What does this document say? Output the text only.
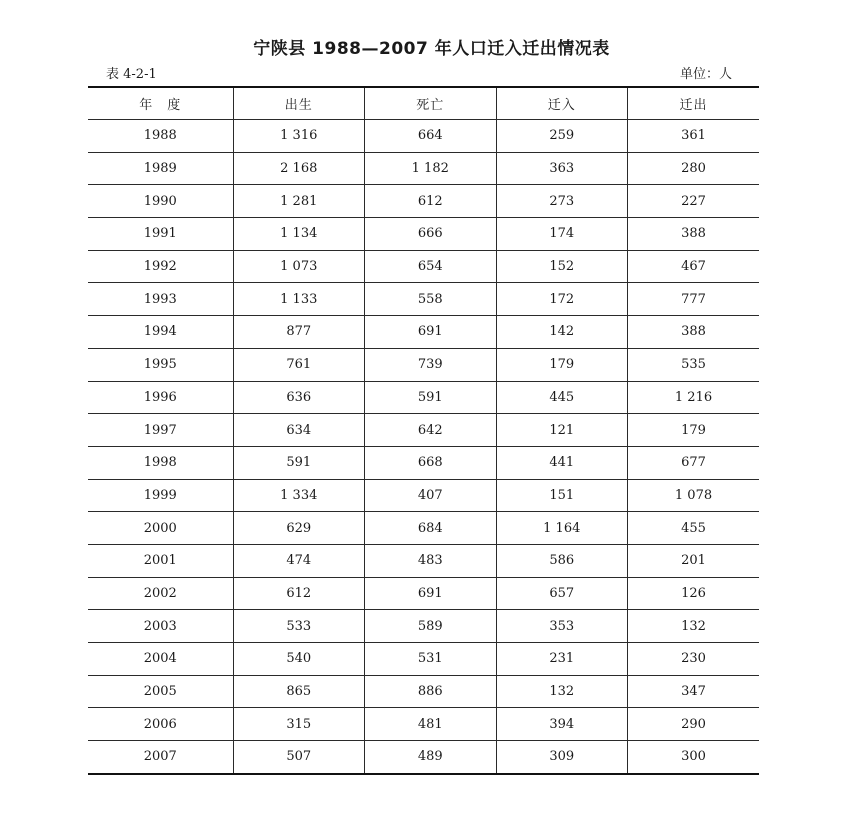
宁陕县 1988—2007 年人口迁入迁出情况表
表 4-2-1	单位：人
年　度	出生	死亡	迁入	迁出
1988	1 316	664	259	361
1989	2 168	1 182	363	280
1990	1 281	612	273	227
1991	1 134	666	174	388
1992	1 073	654	152	467
1993	1 133	558	172	777
1994	877	691	142	388
1995	761	739	179	535
1996	636	591	445	1 216
1997	634	642	121	179
1998	591	668	441	677
1999	1 334	407	151	1 078
2000	629	684	1 164	455
2001	474	483	586	201
2002	612	691	657	126
2003	533	589	353	132
2004	540	531	231	230
2005	865	886	132	347
2006	315	481	394	290
2007	507	489	309	300
